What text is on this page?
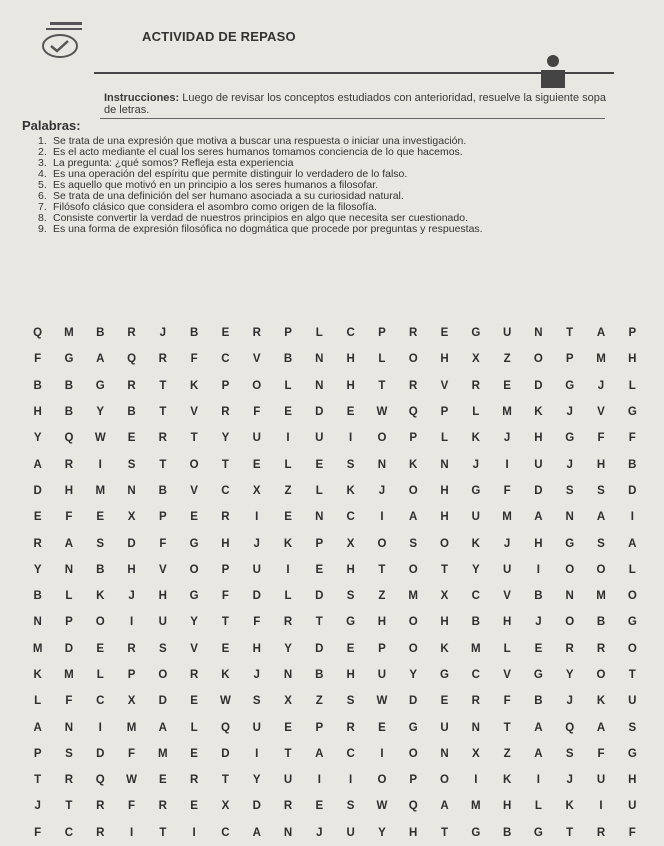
ACTIVIDAD DE REPASO
Instrucciones: Luego de revisar los conceptos estudiados con anterioridad, resuelve la siguiente sopa de letras.
Palabras:
1. Se trata de una expresión que motiva a buscar una respuesta o iniciar una investigación.
2. Es el acto mediante el cual los seres humanos tomamos conciencia de lo que hacemos.
3. La pregunta: ¿qué somos? Refleja esta experiencia
4. Es una operación del espíritu que permite distinguir lo verdadero de lo falso.
5. Es aquello que motivó en un principio a los seres humanos a filosofar.
6. Se trata de una definición del ser humano asociada a su curiosidad natural.
7. Filósofo clásico que considera el asombro como origen de la filosofía.
8. Consiste convertir la verdad de nuestros principios en algo que necesita ser cuestionado.
9. Es una forma de expresión filosófica no dogmática que procede por preguntas y respuestas.
Q	M	B	R	J	B	E	R	P	L	C	P	R	E	G	U	N	T	A	P
F	G	A	Q	R	F	C	V	B	N	H	L	O	H	X	Z	O	P	M	H
B	B	G	R	T	K	P	O	L	N	H	T	R	V	R	E	D	G	J	L
H	B	Y	B	T	V	R	F	E	D	E	W	Q	P	L	M	K	J	V	G
Y	Q	W	E	R	T	Y	U	I	U	I	O	P	L	K	J	H	G	F	F
A	R	I	S	T	O	T	E	L	E	S	N	K	N	J	I	U	J	H	B
D	H	M	N	B	V	C	X	Z	L	K	J	O	H	G	F	D	S	S	D
E	F	E	X	P	E	R	I	E	N	C	I	A	H	U	M	A	N	A	I
R	A	S	D	F	G	H	J	K	P	X	O	S	O	K	J	H	G	S	A
Y	N	B	H	V	O	P	U	I	E	H	T	O	T	Y	U	I	O	O	L
B	L	K	J	H	G	F	D	L	D	S	Z	M	X	C	V	B	N	M	O
N	P	O	I	U	Y	T	F	R	T	G	H	O	H	B	H	J	O	B	G
M	D	E	R	S	V	E	H	Y	D	E	P	O	K	M	L	E	R	R	O
K	M	L	P	O	R	K	J	N	B	H	U	Y	G	C	V	G	Y	O	T
L	F	C	X	D	E	W	S	X	Z	S	W	D	E	R	F	B	J	K	U
A	N	I	M	A	L	Q	U	E	P	R	E	G	U	N	T	A	Q	A	S
P	S	D	F	M	E	D	I	T	A	C	I	O	N	X	Z	A	S	F	G
T	R	Q	W	E	R	T	Y	U	I	I	O	P	O	I	K	I	J	U	H
J	T	R	F	R	E	X	D	R	E	S	W	Q	A	M	H	L	K	I	U
F	C	R	I	T	I	C	A	N	J	U	Y	H	T	G	B	G	T	R	F
